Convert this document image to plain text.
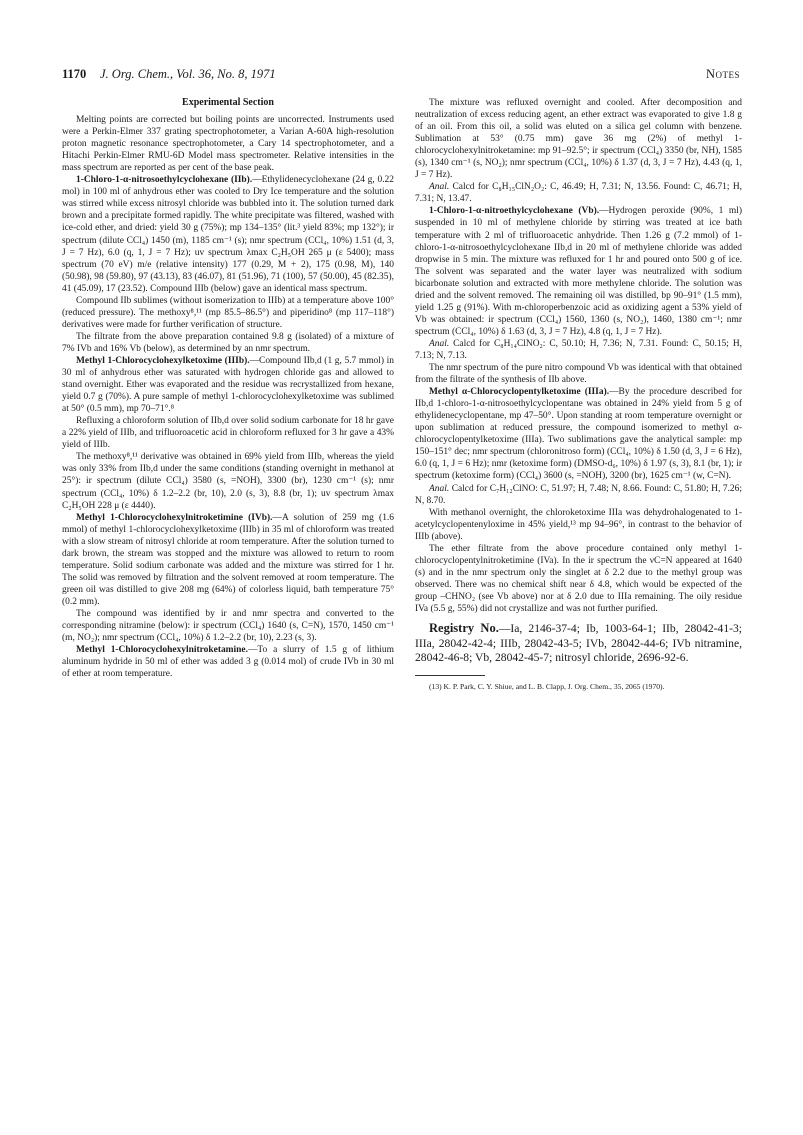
1170 J. Org. Chem., Vol. 36, No. 8, 1971	Notes
Experimental Section

Melting points are corrected but boiling points are uncorrected. Instruments used were a Perkin-Elmer 337 grating spectrophotometer, a Varian A-60A high-resolution proton magnetic resonance spectrophotometer, a Cary 14 spectrophotometer, and a Hitachi Perkin-Elmer RMU-6D Model mass spectrometer. Relative intensities in the mass spectrum are reported as per cent of the base peak.

1-Chloro-1-α-nitrosoethylcyclohexane (IIb).—Ethylidenecyclohexane (24 g, 0.22 mol) in 100 ml of anhydrous ether was cooled to Dry Ice temperature and the solution was stirred while excess nitrosyl chloride was bubbled into it. The solution turned dark brown and a precipitate formed rapidly. The white precipitate was filtered, washed with ice-cold ether, and dried: yield 30 g (75%); mp 134–135° (lit.³ yield 83%; mp 132°); ir spectrum (dilute CCl₄) 1450 (m), 1185 cm⁻¹ (s); nmr spectrum (CCl₄, 10%) 1.51 (d, 3, J = 7 Hz), 6.0 (q, 1, J = 7 Hz); uv spectrum λmax C₂H₅OH 265 μ (ε 5400); mass spectrum (70 eV) m/e (relative intensity) 177 (0.29, M + 2), 175 (0.98, M), 140 (50.98), 98 (59.80), 97 (43.13), 83 (46.07), 81 (51.96), 71 (100), 57 (50.00), 45 (82.35), 41 (45.09), 17 (23.52). Compound IIIb (below) gave an identical mass spectrum.

Compound IIb sublimes (without isomerization to IIIb) at a temperature above 100° (reduced pressure). The methoxy⁸,¹¹ (mp 85.5–86.5°) and piperidino⁸ (mp 117–118°) derivatives were made for further verification of structure.

The filtrate from the above preparation contained 9.8 g (isolated) of a mixture of 7% IVb and 16% Vb (below), as determined by an nmr spectrum.

Methyl 1-Chlorocyclohexylketoxime (IIIb).—Compound IIb,d (1 g, 5.7 mmol) in 30 ml of anhydrous ether was saturated with hydrogen chloride gas and allowed to stand overnight. Ether was evaporated and the residue was recrystallized from hexane, yield 0.7 g (70%). A pure sample of methyl 1-chlorocyclohexylketoxime was sublimed at 50° (0.5 mm), mp 70–71°.⁸

Refluxing a chloroform solution of IIb,d over solid sodium carbonate for 18 hr gave a 22% yield of IIIb, and trifluoroacetic acid in chloroform refluxed for 3 hr gave a 43% yield of IIIb.

The methoxy⁸,¹¹ derivative was obtained in 69% yield from IIIb, whereas the yield was only 33% from IIb,d under the same conditions (standing overnight in methanol at 25°): ir spectrum (dilute CCl₄) 3580 (s, =NOH), 3300 (br), 1230 cm⁻¹ (s); nmr spectrum (CCl₄, 10%) δ 1.2–2.2 (br, 10), 2.0 (s, 3), 8.8 (br, 1); uv spectrum λmax C₂H₅OH 228 μ (ε 4440).

Methyl 1-Chlorocyclohexylnitroketimine (IVb).—A solution of 259 mg (1.6 mmol) of methyl 1-chlorocyclohexylketoxime (IIIb) in 35 ml of chloroform was treated with a slow stream of nitrosyl chloride at room temperature. After the solution turned to dark brown, the stream was stopped and the mixture was allowed to return to room temperature. Solid sodium carbonate was added and the mixture was stirred for 1 hr. The solid was removed by filtration and the solvent removed at room temperature. The green oil was distilled to give 208 mg (64%) of colorless liquid, bath temperature 75° (0.2 mm).

The compound was identified by ir and nmr spectra and converted to the corresponding nitramine (below): ir spectrum (CCl₄) 1640 (s, C=N), 1570, 1450 cm⁻¹ (m, NO₂); nmr spectrum (CCl₄, 10%) δ 1.2–2.2 (br, 10), 2.23 (s, 3).

Methyl 1-Chlorocyclohexylnitroketamine.—To a slurry of 1.5 g of lithium aluminum hydride in 50 ml of ether was added 3 g (0.014 mol) of crude IVb in 30 ml of ether at room temperature.

The mixture was refluxed overnight and cooled. After decomposition and neutralization of excess reducing agent, an ether extract was evaporated to give 1.8 g of an oil. From this oil, a solid was eluted on a silica gel column with benzene. Sublimation at 53° (0.75 mm) gave 36 mg (2%) of methyl 1-chlorocyclohexylnitroketamine: mp 91–92.5°; ir spectrum (CCl₄) 3350 (br, NH), 1585 (s), 1340 cm⁻¹ (s, NO₂); nmr spectrum (CCl₄, 10%) δ 1.37 (d, 3, J = 7 Hz), 4.43 (q, 1, J = 7 Hz).

Anal. Calcd for C₈H₁₅ClN₂O₂: C, 46.49; H, 7.31; N, 13.56. Found: C, 46.71; H, 7.31; N, 13.47.

1-Chloro-1-α-nitroethylcyclohexane (Vb).—Hydrogen peroxide (90%, 1 ml) suspended in 10 ml of methylene chloride by stirring was treated at ice bath temperature with 2 ml of trifluoroacetic anhydride. Then 1.26 g (7.2 mmol) of 1-chloro-1-α-nitrosoethylcyclohexane IIb,d in 20 ml of methylene chloride was added dropwise in 5 min. The mixture was refluxed for 1 hr and poured onto 500 g of ice. The solvent was separated and the water layer was neutralized with sodium bicarbonate solution and extracted with more methylene chloride. The solution was dried and the solvent removed. The remaining oil was distilled, bp 90–91° (1.5 mm), yield 1.25 g (91%). With m-chloroperbenzoic acid as oxidizing agent a 53% yield of Vb was obtained: ir spectrum (CCl₄) 1560, 1360 (s, NO₂), 1460, 1380 cm⁻¹; nmr spectrum (CCl₄, 10%) δ 1.63 (d, 3, J = 7 Hz), 4.8 (q, 1, J = 7 Hz).

Anal. Calcd for C₈H₁₄ClNO₂: C, 50.10; H, 7.36; N, 7.31. Found: C, 50.15; H, 7.13; N, 7.13.

The nmr spectrum of the pure nitro compound Vb was identical with that obtained from the filtrate of the synthesis of IIb above.

Methyl α-Chlorocyclopentylketoxime (IIIa).—By the procedure described for IIb,d 1-chloro-1-α-nitrosoethylcyclopentane was obtained in 24% yield from 5 g of ethylidenecyclopentane, mp 47–50°. Upon standing at room temperature overnight or upon sublimation at reduced pressure, the compound isomerized to methyl α-chlorocyclopentylketoxime (IIIa). Two sublimations gave the analytical sample: mp 150–151° dec; nmr spectrum (chloronitroso form) (CCl₄, 10%) δ 1.50 (d, 3, J = 6 Hz), 6.0 (q, 1, J = 6 Hz); nmr (ketoxime form) (DMSO-d₆, 10%) δ 1.97 (s, 3), 8.1 (br, 1); ir spectrum (ketoxime form) (CCl₄) 3600 (s, =NOH), 3200 (br), 1625 cm⁻¹ (w, C=N).

Anal. Calcd for C₇H₁₂ClNO: C, 51.97; H, 7.48; N, 8.66. Found: C, 51.80; H, 7.26; N, 8.70.

With methanol overnight, the chloroketoxime IIIa was dehydrohalogenated to 1-acetylcyclopentenyloxime in 45% yield,¹³ mp 94–96°, in contrast to the behavior of IIIb (above).

The ether filtrate from the above procedure contained only methyl 1-chlorocyclopentylnitroketimine (IVa). In the ir spectrum the νC=N appeared at 1640 (s) and in the nmr spectrum only the singlet at δ 2.2 due to the methyl group was observed. There was no chemical shift near δ 4.8, which would be expected of the group –CHNO₂ (see Vb above) nor at δ 2.0 due to IIIa remaining. The oily residue IVa (5.5 g, 55%) did not crystallize and was not further purified.

Registry No.—Ia, 2146-37-4; Ib, 1003-64-1; IIb, 28042-41-3; IIIa, 28042-42-4; IIIb, 28042-43-5; IVb, 28042-44-6; IVb nitramine, 28042-46-8; Vb, 28042-45-7; nitrosyl chloride, 2696-92-6.

(13) K. P. Park, C. Y. Shiue, and L. B. Clapp, J. Org. Chem., 35, 2065 (1970).
